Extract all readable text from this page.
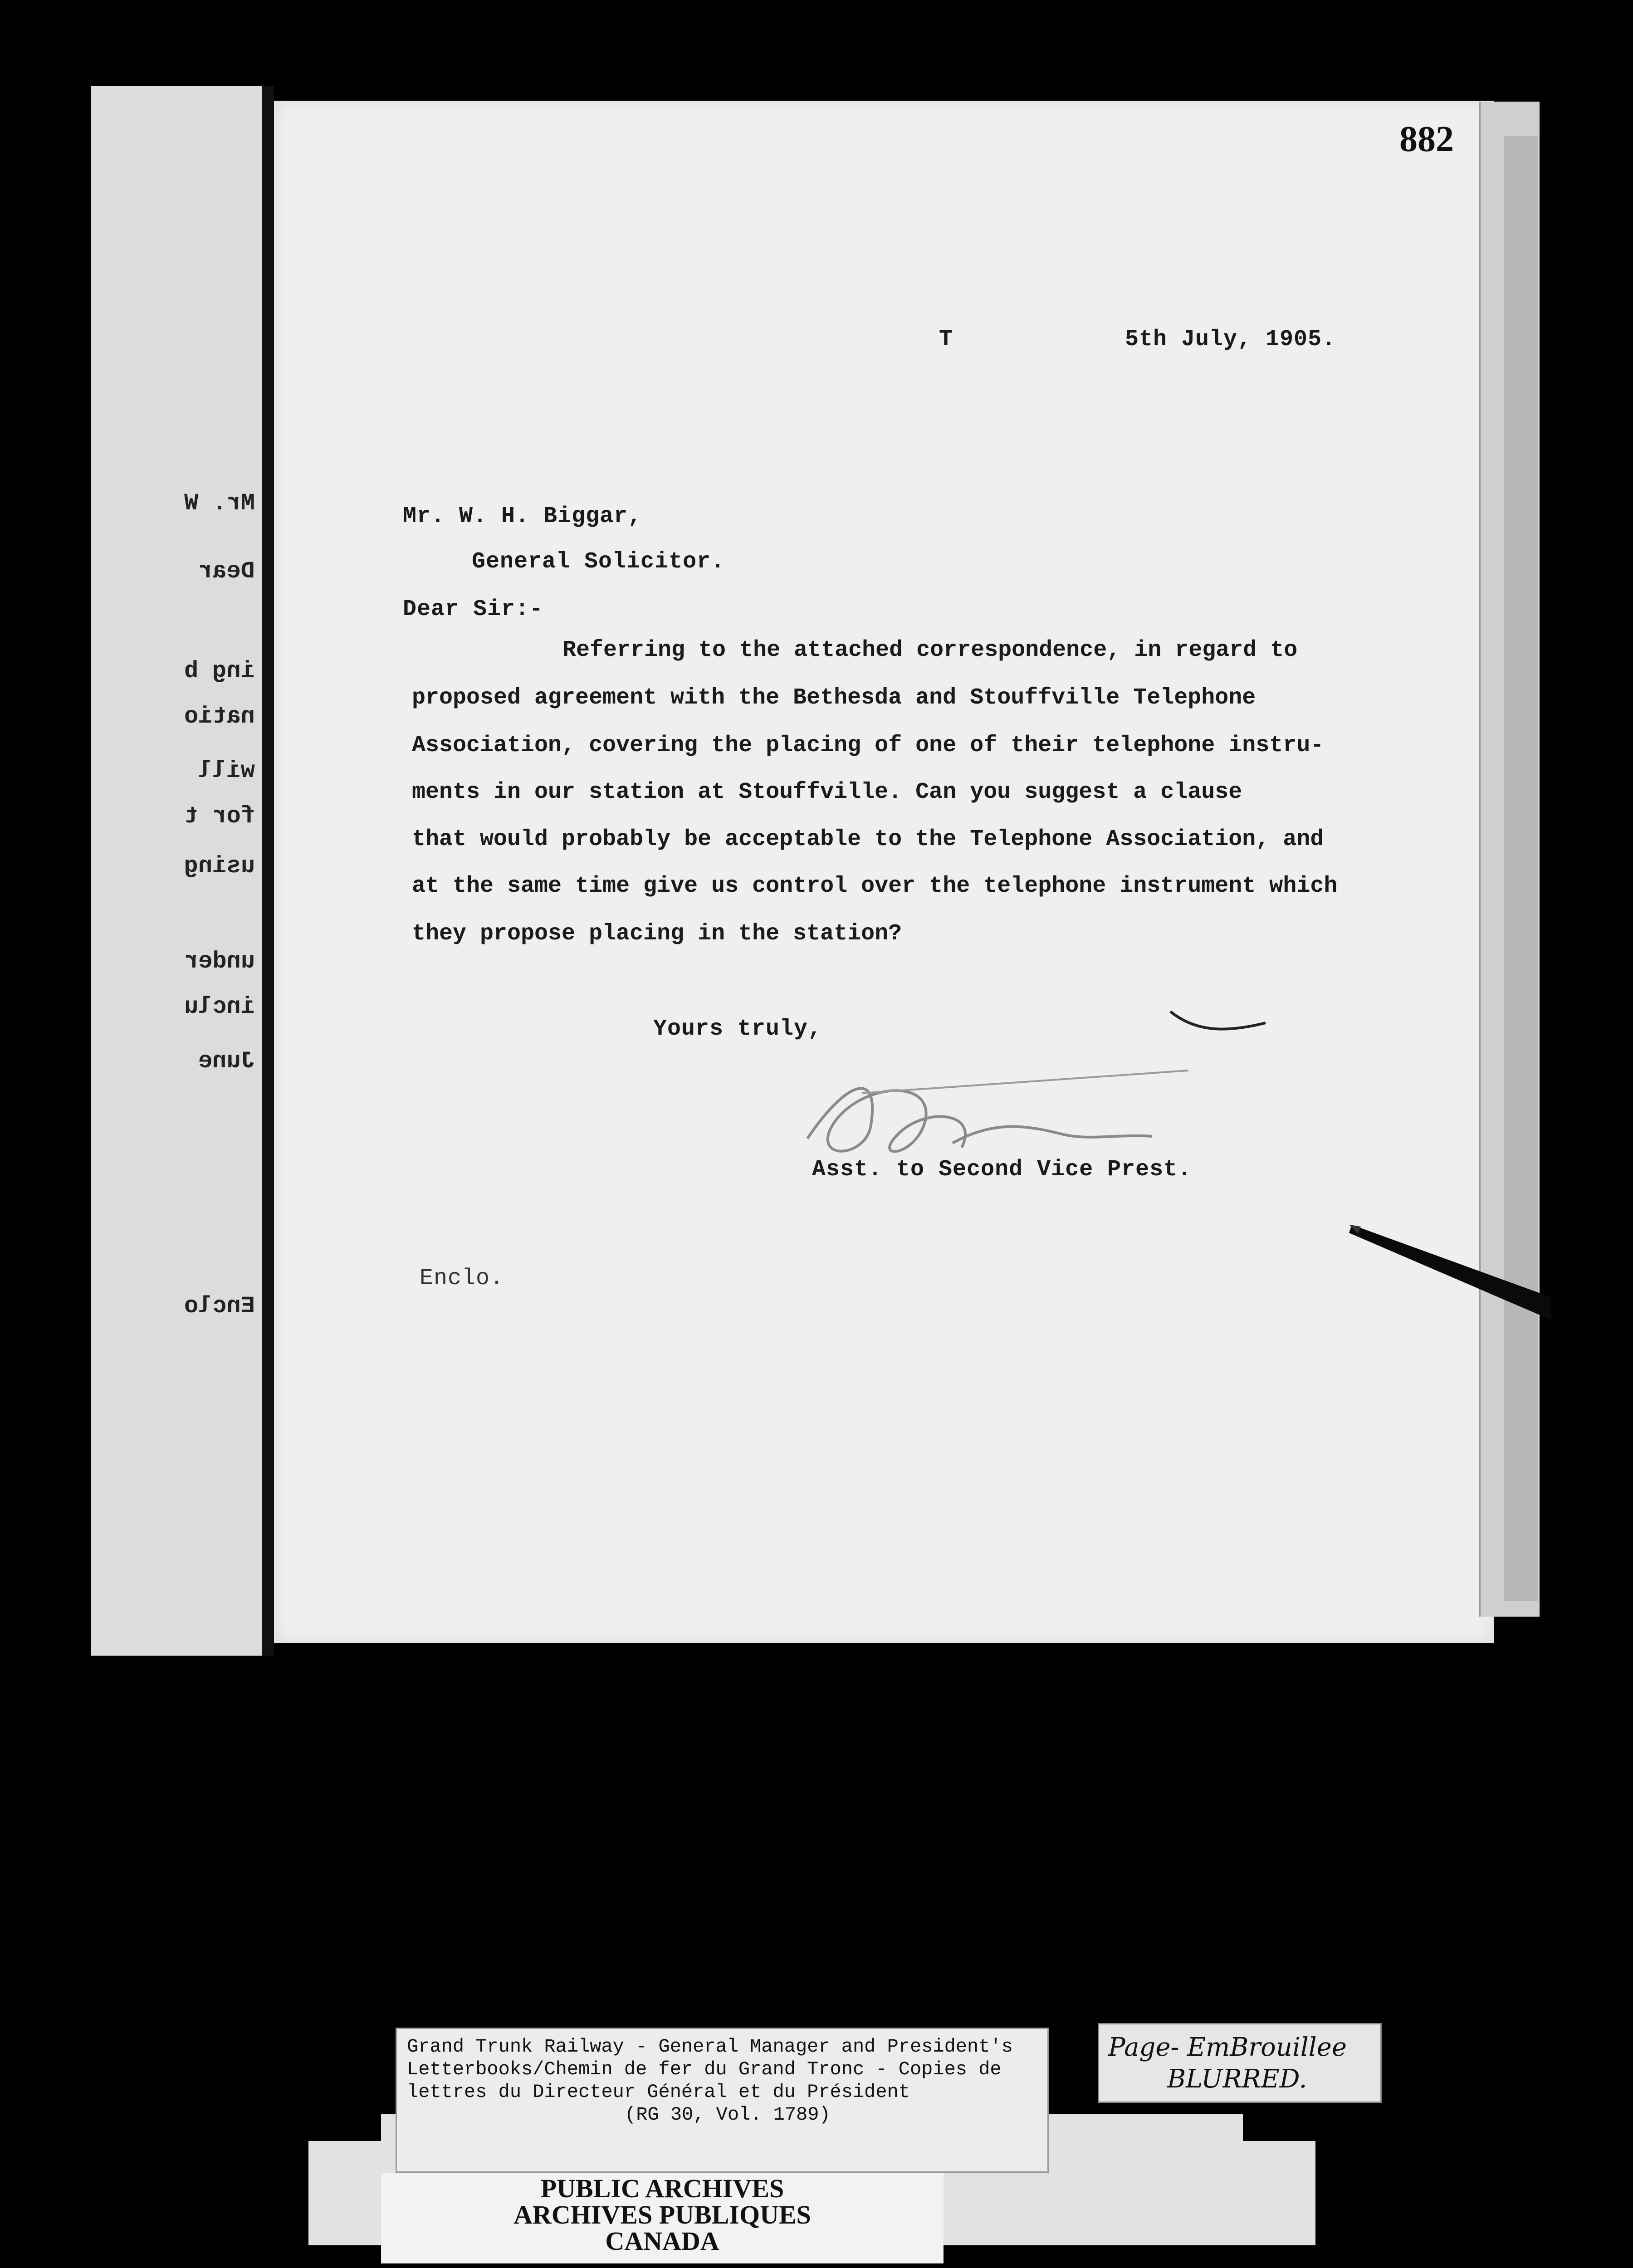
Mr. W
Dear
ing b
natio
will
for t
using
under
inclu
June
Enclo
882
T	5th July, 1905.
Mr. W. H. Biggar,
General Solicitor.
Dear Sir:-
Referring to the attached correspondence, in regard to
proposed agreement with the Bethesda and Stouffville Telephone
Association, covering the placing of one of their telephone instru-
ments in our station at Stouffville. Can you suggest a clause
that would probably be acceptable to the Telephone Association, and
at the same time give us control over the telephone instrument which
they propose placing in the station?
Yours truly,
Asst. to Second Vice Prest.
Enclo.
Grand Trunk Railway - General Manager and President's
Letterbooks/Chemin de fer du Grand Tronc - Copies de
lettres du Directeur Général et du Président
(RG 30, Vol. 1789)
Page- EmBrouillee
BLURRED.
PUBLIC ARCHIVES
ARCHIVES PUBLIQUES
CANADA
